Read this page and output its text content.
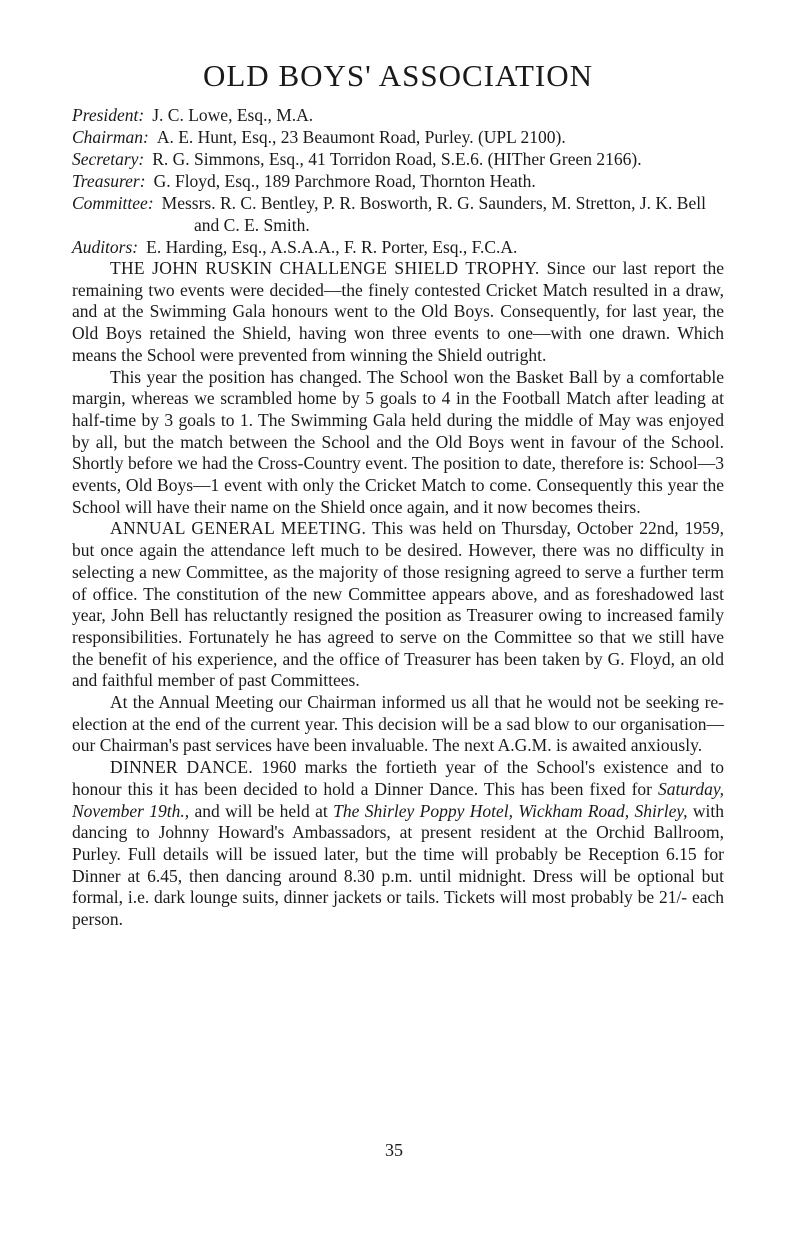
OLD BOYS' ASSOCIATION

President: J. C. Lowe, Esq., M.A.

Chairman: A. E. Hunt, Esq., 23 Beaumont Road, Purley. (UPL 2100).

Secretary: R. G. Simmons, Esq., 41 Torridon Road, S.E.6. (HITher Green 2166).

Treasurer: G. Floyd, Esq., 189 Parchmore Road, Thornton Heath.

Committee: Messrs. R. C. Bentley, P. R. Bosworth, R. G. Saunders, M. Stretton, J. K. Bell and C. E. Smith.

Auditors: E. Harding, Esq., A.S.A.A., F. R. Porter, Esq., F.C.A.

THE JOHN RUSKIN CHALLENGE SHIELD TROPHY. Since our last report the remaining two events were decided—the finely contested Cricket Match resulted in a draw, and at the Swimming Gala honours went to the Old Boys. Consequently, for last year, the Old Boys retained the Shield, having won three events to one—with one drawn. Which means the School were prevented from winning the Shield outright.

This year the position has changed. The School won the Basket Ball by a comfortable margin, whereas we scrambled home by 5 goals to 4 in the Football Match after leading at half-time by 3 goals to 1. The Swimming Gala held during the middle of May was enjoyed by all, but the match between the School and the Old Boys went in favour of the School. Shortly before we had the Cross-Country event. The position to date, therefore is: School—3 events, Old Boys—1 event with only the Cricket Match to come. Consequently this year the School will have their name on the Shield once again, and it now becomes theirs.

ANNUAL GENERAL MEETING. This was held on Thursday, October 22nd, 1959, but once again the attendance left much to be desired. However, there was no difficulty in selecting a new Committee, as the majority of those resigning agreed to serve a further term of office. The constitution of the new Committee appears above, and as foreshadowed last year, John Bell has reluctantly resigned the position as Treasurer owing to increased family responsibilities. Fortunately he has agreed to serve on the Committee so that we still have the benefit of his experience, and the office of Treasurer has been taken by G. Floyd, an old and faithful member of past Committees.

At the Annual Meeting our Chairman informed us all that he would not be seeking re-election at the end of the current year. This decision will be a sad blow to our organisation—our Chairman's past services have been invaluable. The next A.G.M. is awaited anxiously.

DINNER DANCE. 1960 marks the fortieth year of the School's existence and to honour this it has been decided to hold a Dinner Dance. This has been fixed for Saturday, November 19th., and will be held at The Shirley Poppy Hotel, Wickham Road, Shirley, with dancing to Johnny Howard's Ambassadors, at present resident at the Orchid Ballroom, Purley. Full details will be issued later, but the time will probably be Reception 6.15 for Dinner at 6.45, then dancing around 8.30 p.m. until midnight. Dress will be optional but formal, i.e. dark lounge suits, dinner jackets or tails. Tickets will most probably be 21/- each person.

35
